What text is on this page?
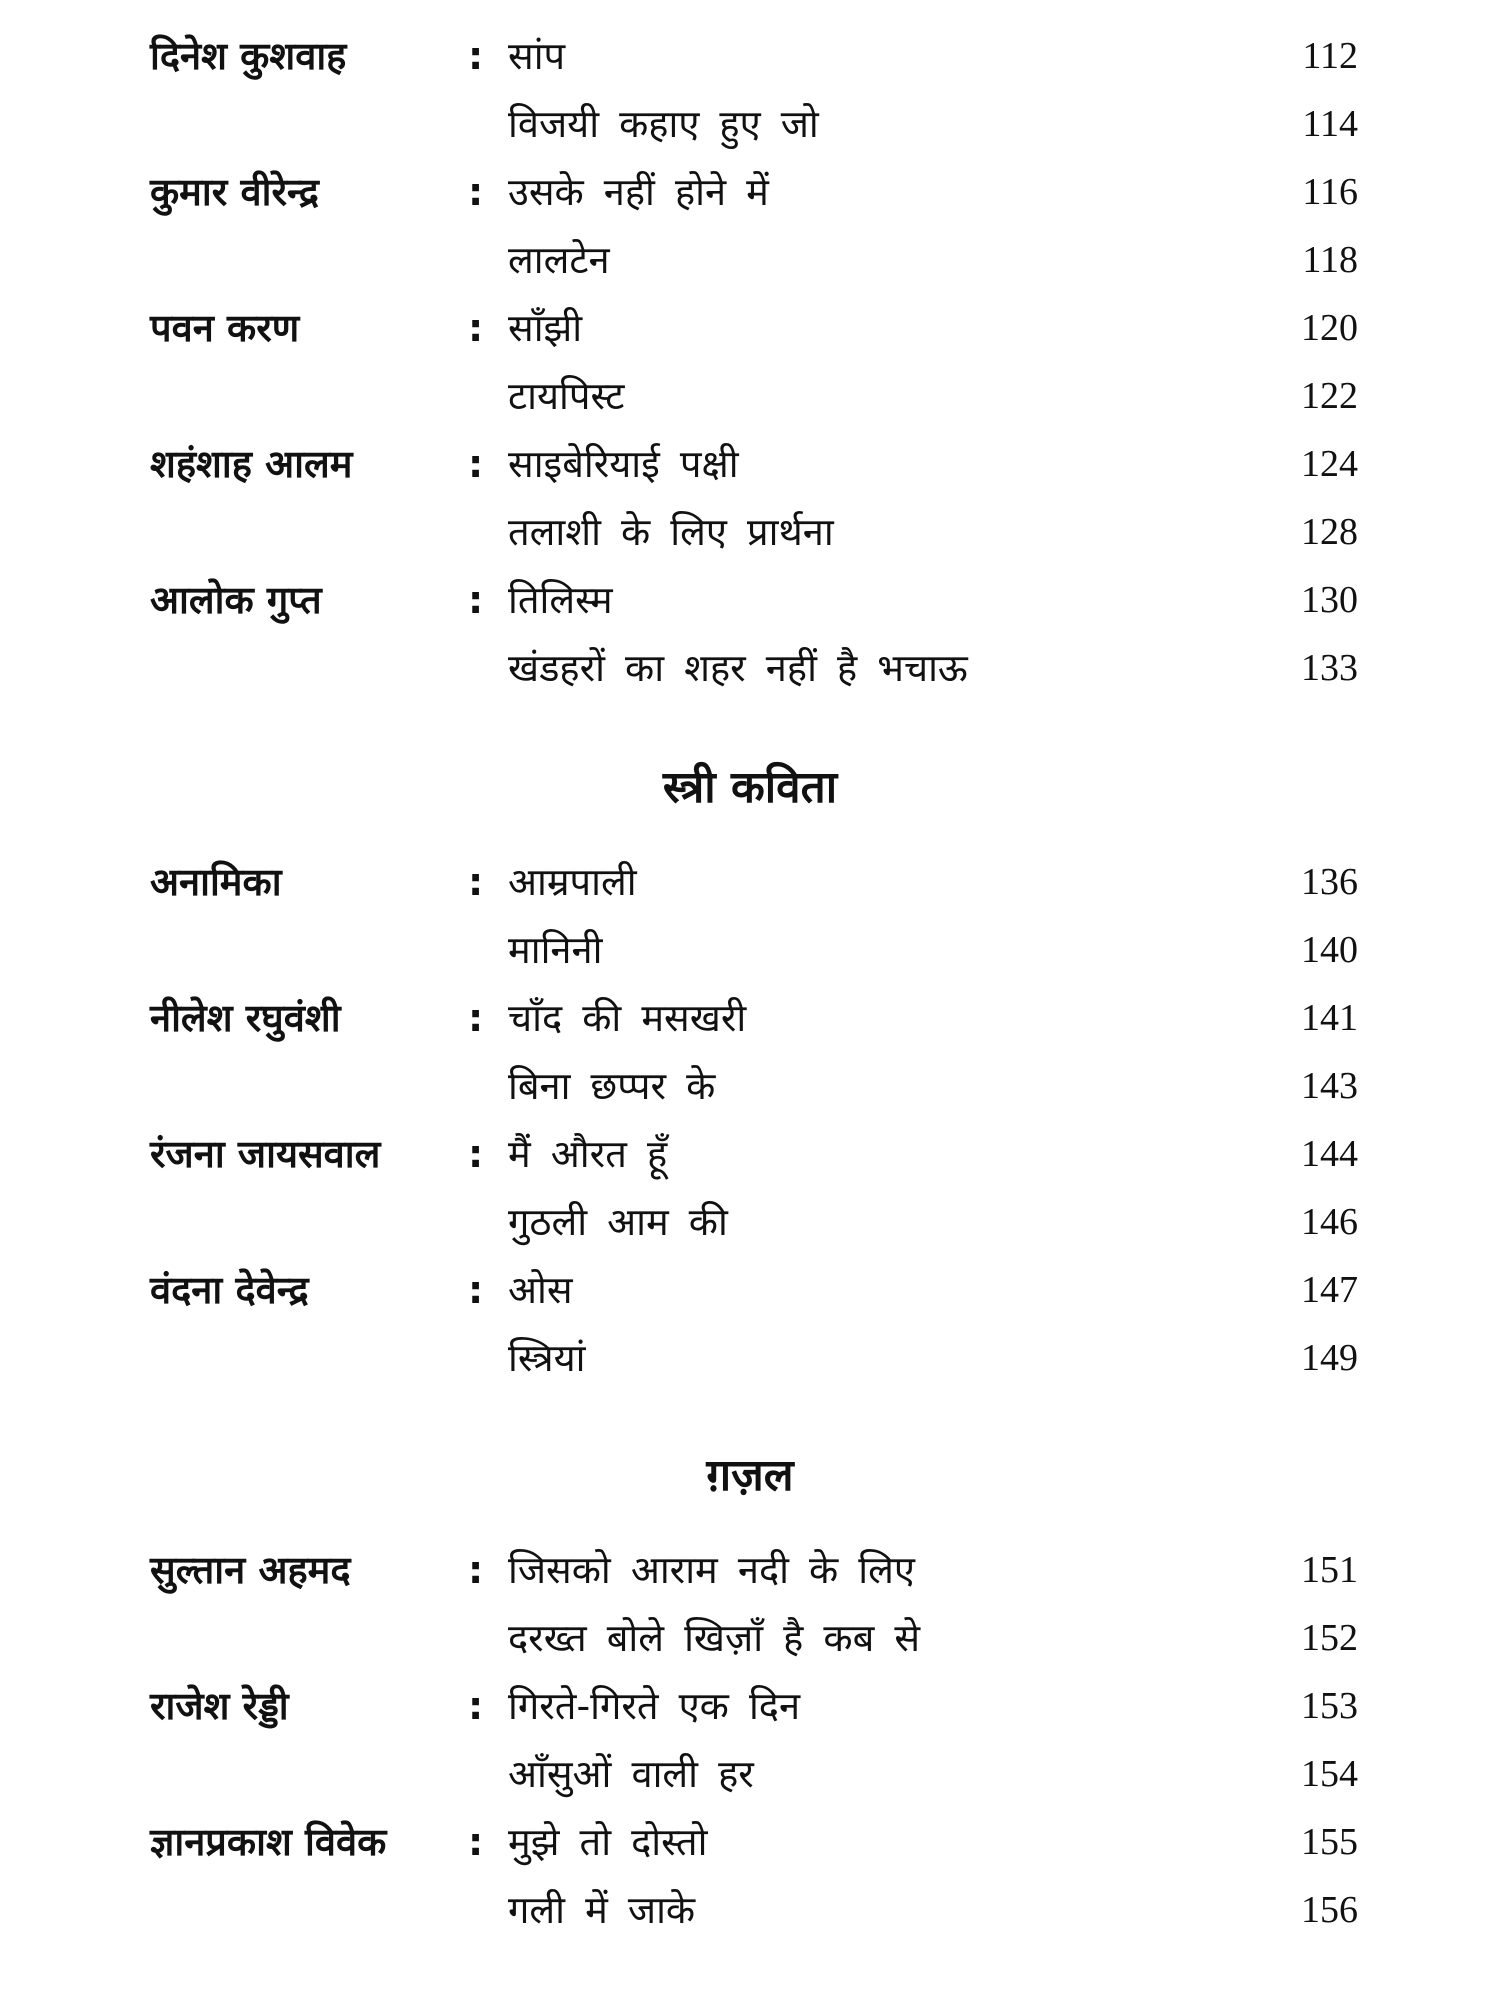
दिनेश कुशवाह	: सांप	112
विजयी कहाए हुए जो	114
कुमार वीरेन्द्र	: उसके नहीं होने में	116
लालटेन	118
पवन करण	: साँझी	120
टायपिस्ट	122
शहंशाह आलम	: साइबेरियाई पक्षी	124
तलाशी के लिए प्रार्थना	128
आलोक गुप्त	: तिलिस्म	130
खंडहरों का शहर नहीं है भचाऊ	133
स्त्री कविता
अनामिका	: आम्रपाली	136
मानिनी	140
नीलेश रघुवंशी	: चाँद की मसखरी	141
बिना छप्पर के	143
रंजना जायसवाल : मैं औरत हूँ	144
गुठली आम की	146
वंदना देवेन्द्र	: ओस	147
स्त्रियां	149
ग़ज़ल
सुल्तान अहमद	: जिसको आराम नदी के लिए	151
दरख्त बोले खिज़ाँ है कब से	152
राजेश रेड्डी	: गिरते-गिरते एक दिन	153
आँसुओं वाली हर	154
ज्ञानप्रकाश विवेक : मुझे तो दोस्तो	155
गली में जाके	156
